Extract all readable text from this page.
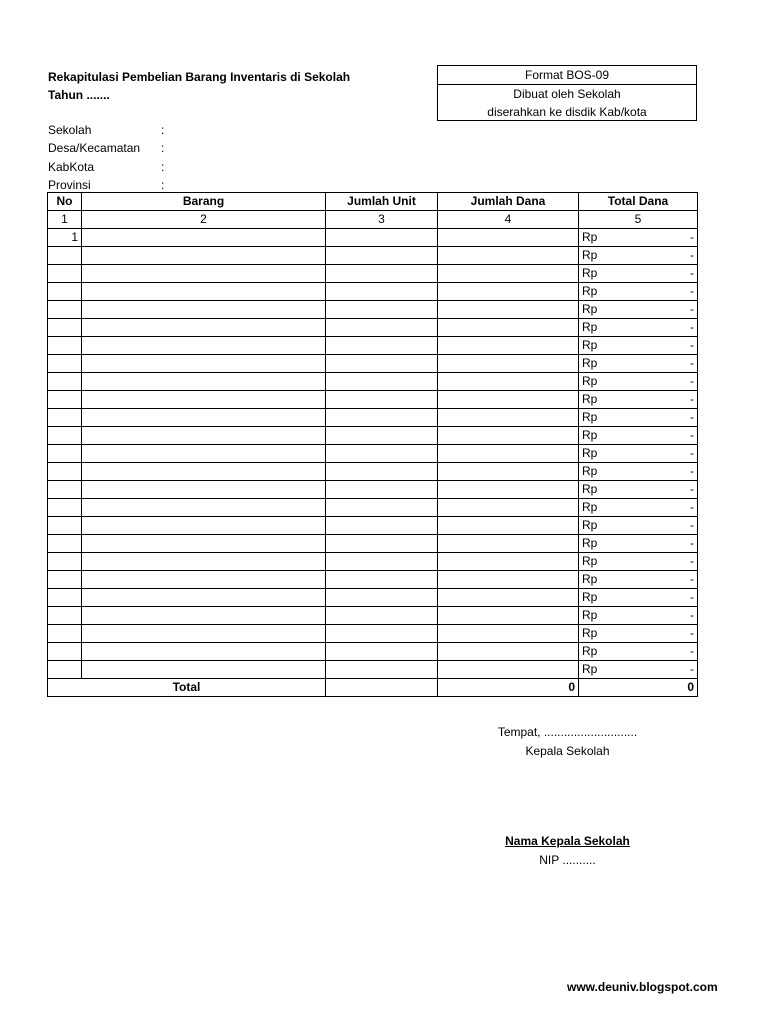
Rekapitulasi Pembelian Barang Inventaris di Sekolah
Tahun .......
Format BOS-09
Dibuat oleh Sekolah
diserahkan ke disdik Kab/kota
Sekolah	:
Desa/Kecamatan :
KabKota	:
Provinsi	:
No	Barang	Jumlah Unit	Jumlah Dana	Total Dana
1	2	3	4	5
1				Rp -

				Rp -

				Rp -

				Rp -

				Rp -

				Rp -

				Rp -

				Rp -

				Rp -

				Rp -

				Rp -

				Rp -

				Rp -

				Rp -

				Rp -

				Rp -

				Rp -

				Rp -

				Rp -

				Rp -

				Rp -

				Rp -

				Rp -

				Rp -

				Rp -

Total			0	0
Tempat, ............................
Kepala Sekolah
Nama Kepala Sekolah
NIP ..........
www.deuniv.blogspot.com
